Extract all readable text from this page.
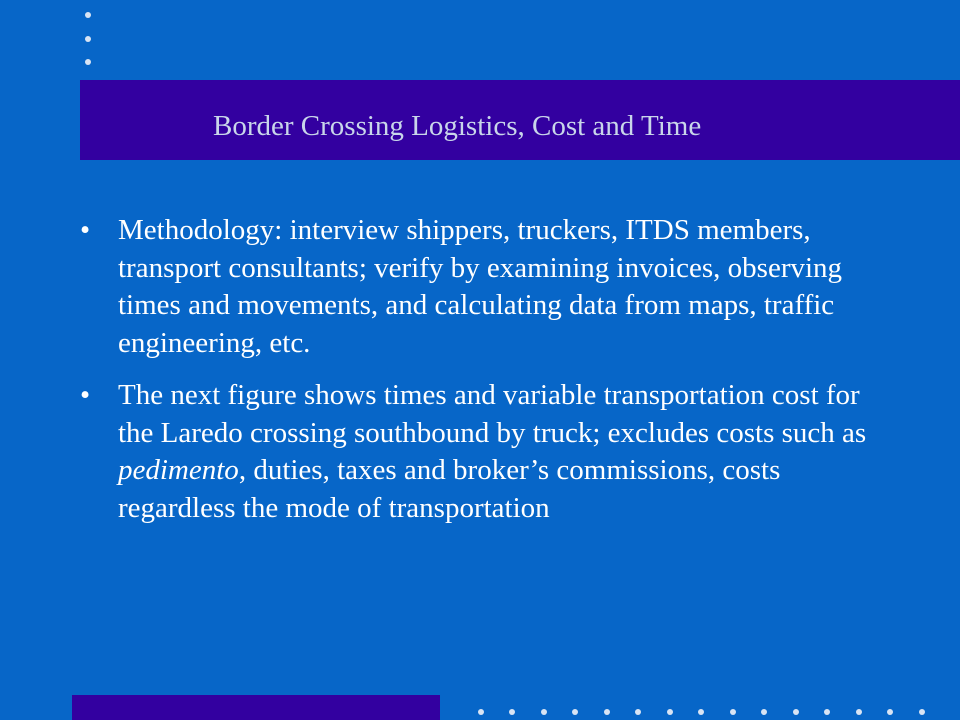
Border Crossing Logistics, Cost and Time
• Methodology: interview shippers, truckers, ITDS members, transport consultants; verify by examining invoices, observing times and movements, and calculating data from maps, traffic engineering, etc.
• The next figure shows times and variable transportation cost for the Laredo crossing southbound by truck; excludes costs such as pedimento, duties, taxes and broker’s commissions, costs regardless the mode of transportation
